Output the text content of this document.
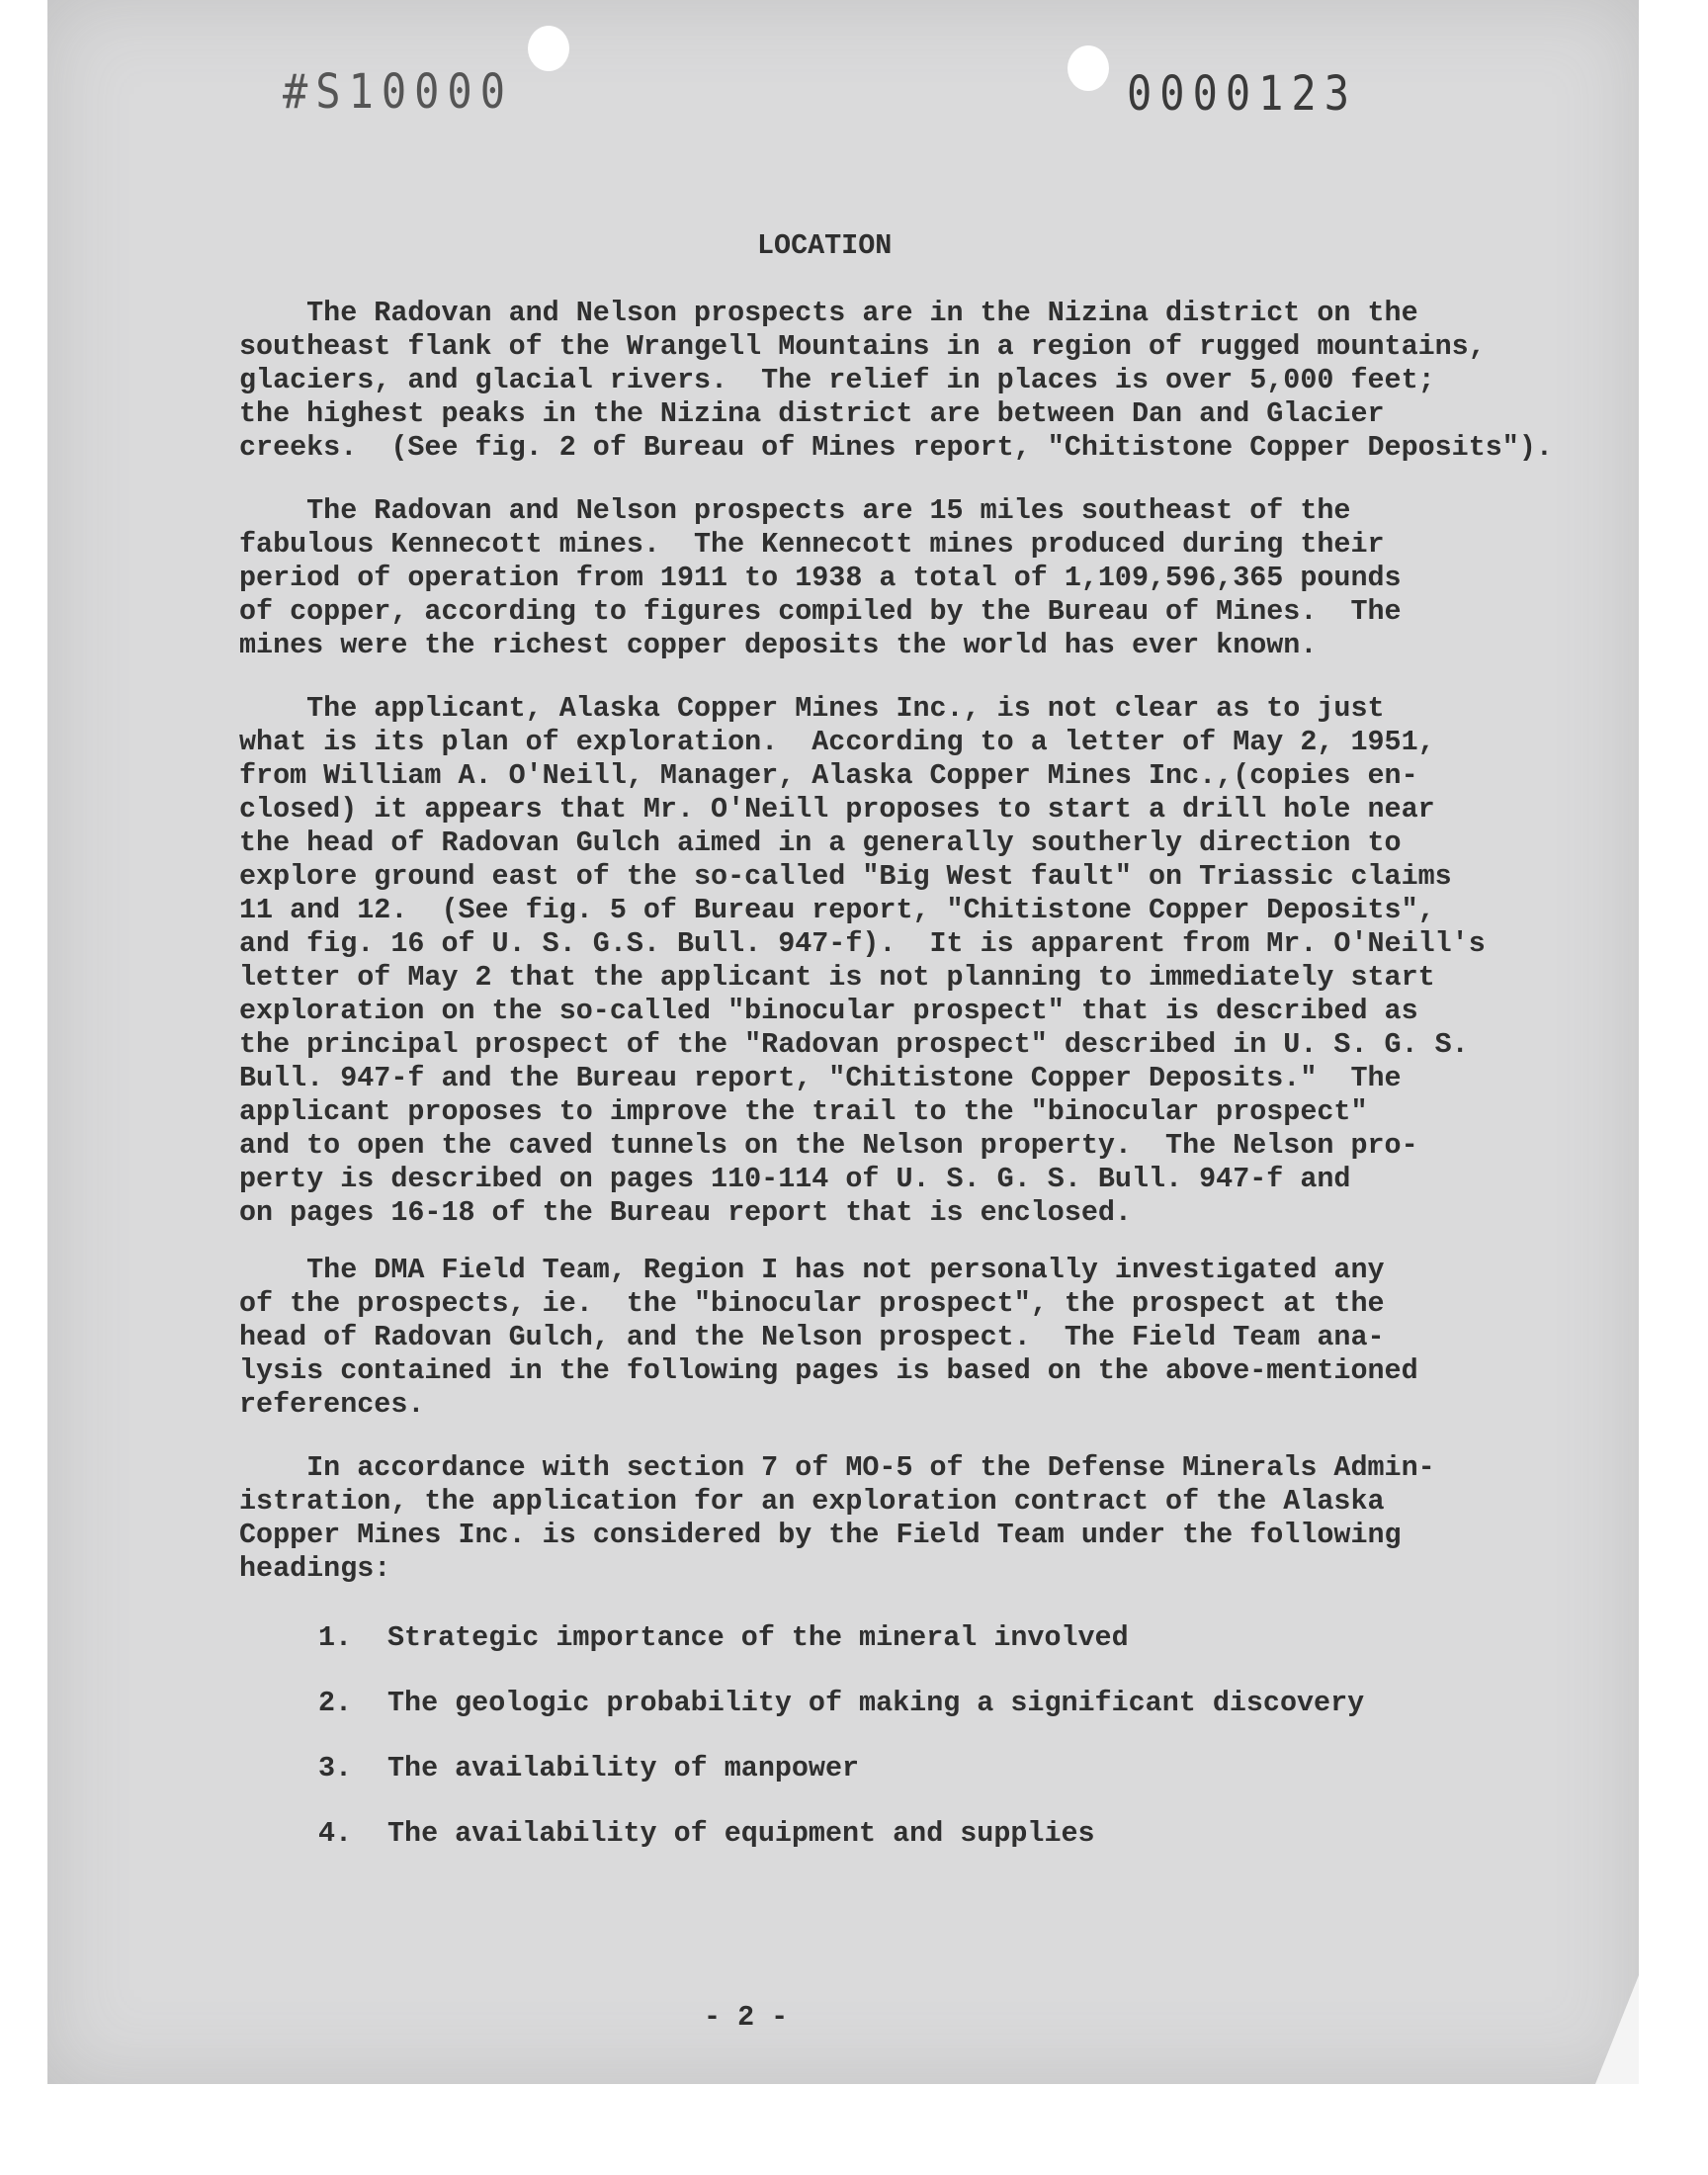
#S10000	0000123
LOCATION

The Radovan and Nelson prospects are in the Nizina district on the
southeast flank of the Wrangell Mountains in a region of rugged mountains,
glaciers, and glacial rivers.  The relief in places is over 5,000 feet;
the highest peaks in the Nizina district are between Dan and Glacier
creeks.  (See fig. 2 of Bureau of Mines report, "Chitistone Copper Deposits").

The Radovan and Nelson prospects are 15 miles southeast of the
fabulous Kennecott mines.  The Kennecott mines produced during their
period of operation from 1911 to 1938 a total of 1,109,596,365 pounds
of copper, according to figures compiled by the Bureau of Mines.  The
mines were the richest copper deposits the world has ever known.

The applicant, Alaska Copper Mines Inc., is not clear as to just
what is its plan of exploration.  According to a letter of May 2, 1951,
from William A. O'Neill, Manager, Alaska Copper Mines Inc.,(copies en-
closed) it appears that Mr. O'Neill proposes to start a drill hole near
the head of Radovan Gulch aimed in a generally southerly direction to
explore ground east of the so-called "Big West fault" on Triassic claims
11 and 12.  (See fig. 5 of Bureau report, "Chitistone Copper Deposits",
and fig. 16 of U. S. G.S. Bull. 947-f).  It is apparent from Mr. O'Neill's
letter of May 2 that the applicant is not planning to immediately start
exploration on the so-called "binocular prospect" that is described as
the principal prospect of the "Radovan prospect" described in U. S. G. S.
Bull. 947-f and the Bureau report, "Chitistone Copper Deposits."  The
applicant proposes to improve the trail to the "binocular prospect"
and to open the caved tunnels on the Nelson property.  The Nelson pro-
perty is described on pages 110-114 of U. S. G. S. Bull. 947-f and
on pages 16-18 of the Bureau report that is enclosed.

The DMA Field Team, Region I has not personally investigated any
of the prospects, ie.  the "binocular prospect", the prospect at the
head of Radovan Gulch, and the Nelson prospect.  The Field Team ana-
lysis contained in the following pages is based on the above-mentioned
references.

In accordance with section 7 of MO-5 of the Defense Minerals Admin-
istration, the application for an exploration contract of the Alaska
Copper Mines Inc. is considered by the Field Team under the following
headings:

1. Strategic importance of the mineral involved
2. The geologic probability of making a significant discovery
3. The availability of manpower
4. The availability of equipment and supplies
- 2 -
